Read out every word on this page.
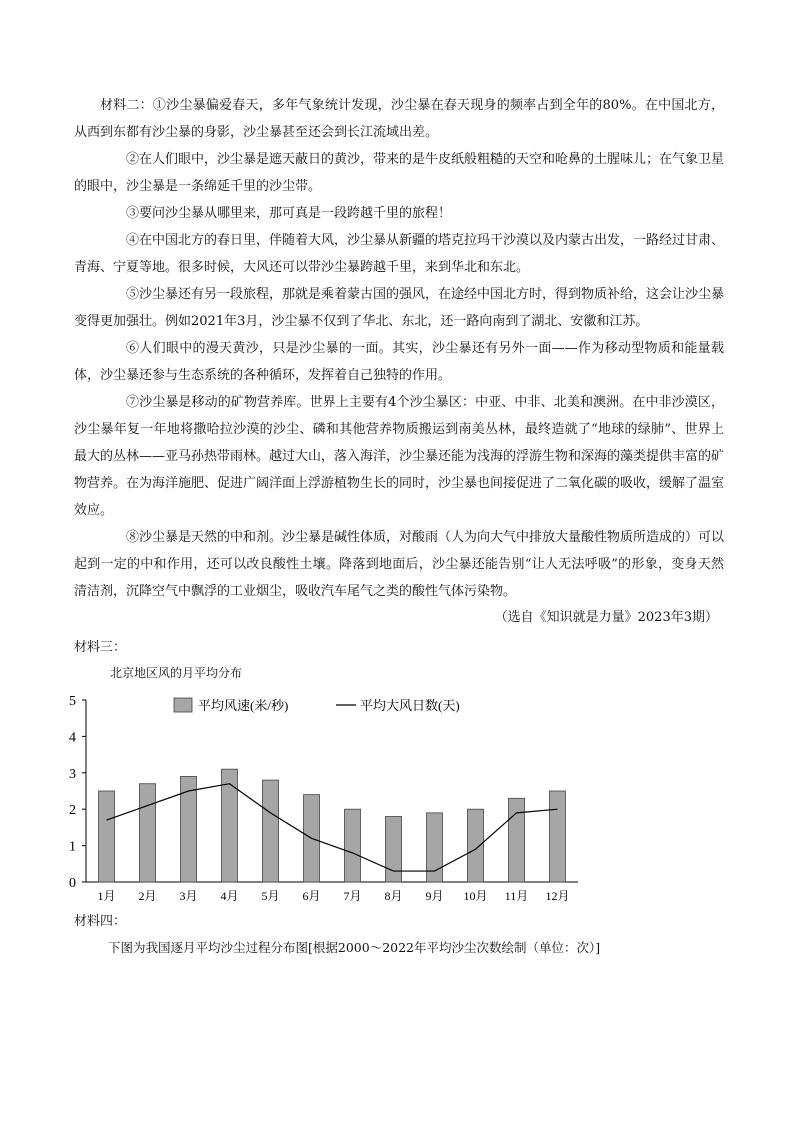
材料二：①沙尘暴偏爱春天，多年气象统计发现，沙尘暴在春天现身的频率占到全年的80%。在中国北方，从西到东都有沙尘暴的身影，沙尘暴甚至还会到长江流域出差。

②在人们眼中，沙尘暴是遮天蔽日的黄沙，带来的是牛皮纸般粗糙的天空和呛鼻的土腥味儿；在气象卫星的眼中，沙尘暴是一条绵延千里的沙尘带。

③要问沙尘暴从哪里来，那可真是一段跨越千里的旅程！

④在中国北方的春日里，伴随着大风，沙尘暴从新疆的塔克拉玛干沙漠以及内蒙古出发，一路经过甘肃、青海、宁夏等地。很多时候，大风还可以带沙尘暴跨越千里，来到华北和东北。

⑤沙尘暴还有另一段旅程，那就是乘着蒙古国的强风，在途经中国北方时，得到物质补给，这会让沙尘暴变得更加强壮。例如2021年3月，沙尘暴不仅到了华北、东北，还一路向南到了湖北、安徽和江苏。

⑥人们眼中的漫天黄沙，只是沙尘暴的一面。其实，沙尘暴还有另外一面——作为移动型物质和能量载体，沙尘暴还参与生态系统的各种循环，发挥着自己独特的作用。

⑦沙尘暴是移动的矿物营养库。世界上主要有4个沙尘暴区：中亚、中非、北美和澳洲。在中非沙漠区，沙尘暴年复一年地将撒哈拉沙漠的沙尘、磷和其他营养物质搬运到南美丛林，最终造就了“地球的绿肺”、世界上最大的丛林——亚马孙热带雨林。越过大山，落入海洋，沙尘暴还能为浅海的浮游生物和深海的藻类提供丰富的矿物营养。在为海洋施肥、促进广阔洋面上浮游植物生长的同时，沙尘暴也间接促进了二氧化碳的吸收，缓解了温室效应。

⑧沙尘暴是天然的中和剂。沙尘暴是碱性体质，对酸雨（人为向大气中排放大量酸性物质所造成的）可以起到一定的中和作用，还可以改良酸性土壤。降落到地面后，沙尘暴还能告别“让人无法呼吸”的形象，变身天然清洁剂，沉降空气中飘浮的工业烟尘，吸收汽车尾气之类的酸性气体污染物。

（选自《知识就是力量》2023年3期）

材料三：

北京地区风的月平均分布

0
1
2
3
4
5
1月 2月 3月 4月 5月 6月 7月 8月 9月 10月 11月 12月
平均风速(米/秒)	平均大风日数(天)

材料四：

下图为我国逐月平均沙尘过程分布图[根据2000～2022年平均沙尘次数绘制（单位：次）]
